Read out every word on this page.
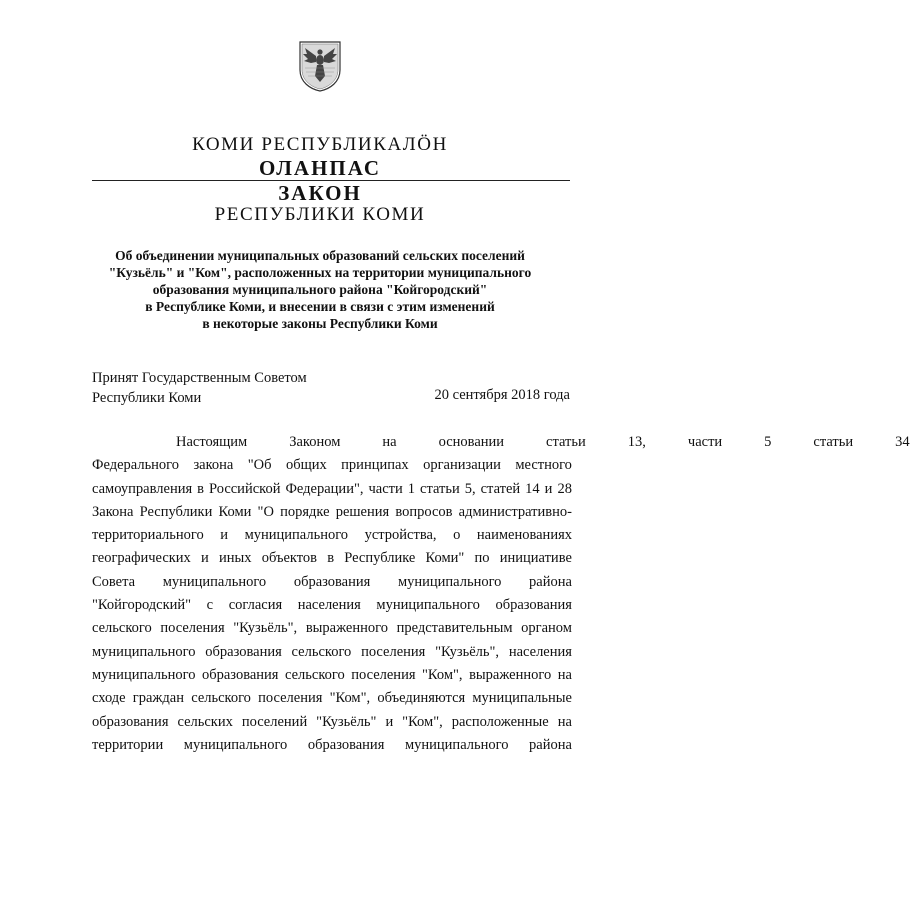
КОМИ РЕСПУБЛИКАЛÖН
ОЛАНПАС
ЗАКОН
РЕСПУБЛИКИ КОМИ
Об объединении муниципальных образований сельских поселений
"Кузьёль" и "Ком", расположенных на территории муниципального
образования муниципального района "Койгородский"
в Республике Коми, и внесении в связи с этим изменений
в некоторые законы Республики Коми
Принят Государственным Советом
Республики Коми	20 сентября 2018 года
Настоящим	Законом	на	основании	статьи	13,	части	5	статьи	34
Федерального закона "Об общих принципах организации местного
самоуправления в Российской Федерации", части 1 статьи 5, статей 14 и 28
Закона Республики Коми "О порядке решения вопросов административно-
территориального и муниципального устройства, о наименованиях
географических и иных объектов в Республике Коми" по инициативе
Совета муниципального образования муниципального района
"Койгородский" с согласия населения муниципального образования
сельского поселения "Кузьёль", выраженного представительным органом
муниципального образования сельского поселения "Кузьёль", населения
муниципального образования сельского поселения "Ком", выраженного на
сходе граждан сельского поселения "Ком", объединяются муниципальные
образования сельских поселений "Кузьёль" и "Ком", расположенные на
территории муниципального образования муниципального района
